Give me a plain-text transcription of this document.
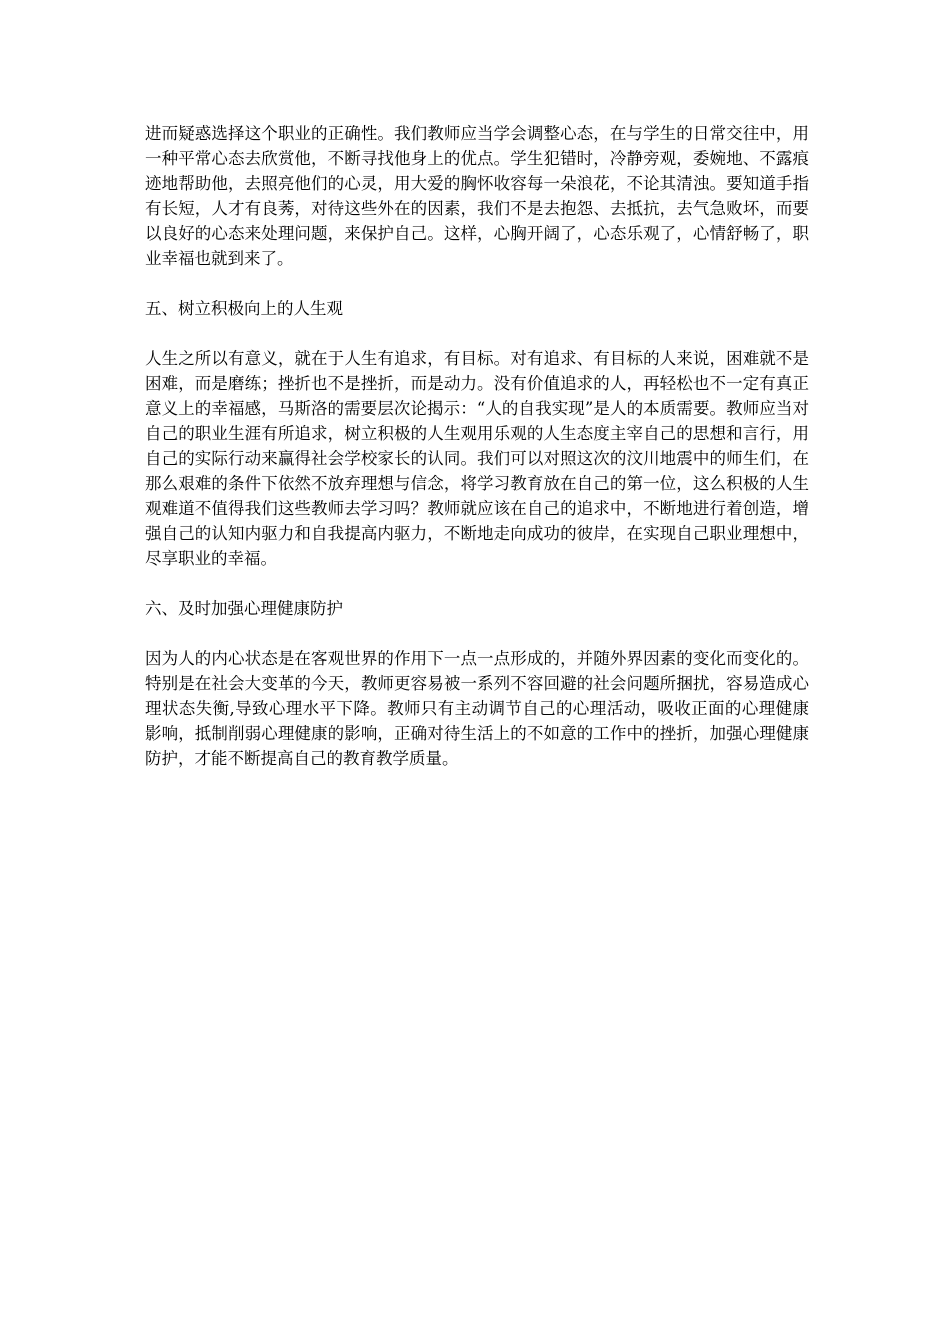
进而疑惑选择这个职业的正确性。我们教师应当学会调整心态，在与学生的日常交往中，用一种平常心态去欣赏他，不断寻找他身上的优点。学生犯错时，冷静旁观，委婉地、不露痕迹地帮助他，去照亮他们的心灵，用大爱的胸怀收容每一朵浪花，不论其清浊。要知道手指有长短，人才有良莠，对待这些外在的因素，我们不是去抱怨、去抵抗，去气急败坏，而要以良好的心态来处理问题，来保护自己。这样，心胸开阔了，心态乐观了，心情舒畅了，职业幸福也就到来了。

五、树立积极向上的人生观

人生之所以有意义，就在于人生有追求，有目标。对有追求、有目标的人来说，困难就不是困难，而是磨练；挫折也不是挫折，而是动力。没有价值追求的人，再轻松也不一定有真正意义上的幸福感，马斯洛的需要层次论揭示：“人的自我实现”是人的本质需要。教师应当对自己的职业生涯有所追求，树立积极的人生观用乐观的人生态度主宰自己的思想和言行，用自己的实际行动来赢得社会学校家长的认同。我们可以对照这次的汶川地震中的师生们，在那么艰难的条件下依然不放弃理想与信念，将学习教育放在自己的第一位，这么积极的人生观难道不值得我们这些教师去学习吗？教师就应该在自己的追求中，不断地进行着创造，增强自己的认知内驱力和自我提高内驱力，不断地走向成功的彼岸，在实现自己职业理想中，尽享职业的幸福。

六、及时加强心理健康防护

因为人的内心状态是在客观世界的作用下一点一点形成的，并随外界因素的变化而变化的。特别是在社会大变革的今天，教师更容易被一系列不容回避的社会问题所捆扰，容易造成心理状态失衡,导致心理水平下降。教师只有主动调节自己的心理活动，吸收正面的心理健康影响，抵制削弱心理健康的影响，正确对待生活上的不如意的工作中的挫折，加强心理健康防护，才能不断提高自己的教育教学质量。
